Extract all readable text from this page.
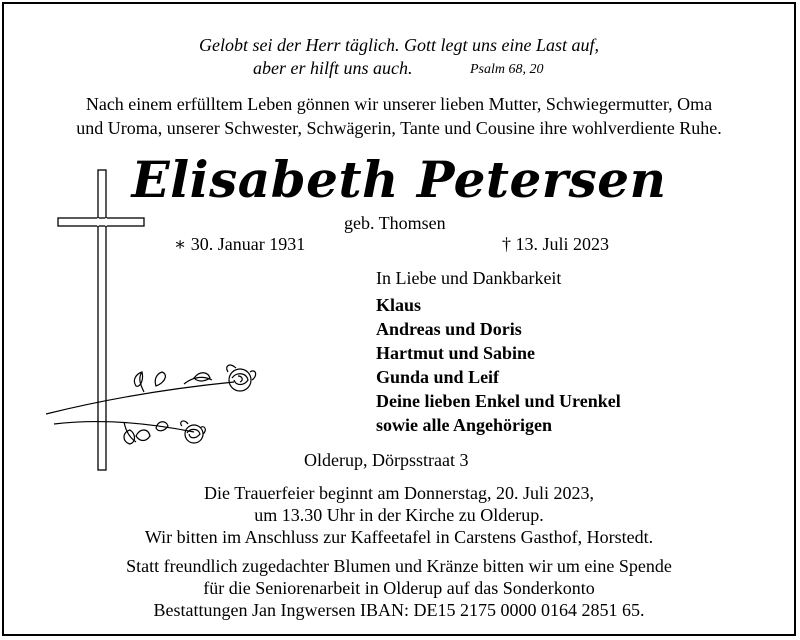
Gelobt sei der Herr täglich. Gott legt uns eine Last auf,
aber er hilft uns auch.	Psalm 68, 20
Nach einem erfülltem Leben gönnen wir unserer lieben Mutter, Schwiegermutter, Oma
und Uroma, unserer Schwester, Schwägerin, Tante und Cousine ihre wohlverdiente Ruhe.
Elisabeth Petersen
geb. Thomsen
∗ 30. Januar 1931	† 13. Juli 2023
In Liebe und Dankbarkeit
Klaus
Andreas und Doris
Hartmut und Sabine
Gunda und Leif
Deine lieben Enkel und Urenkel
sowie alle Angehörigen
Olderup, Dörpsstraat 3
Die Trauerfeier beginnt am Donnerstag, 20. Juli 2023,
um 13.30 Uhr in der Kirche zu Olderup.
Wir bitten im Anschluss zur Kaffeetafel in Carstens Gasthof, Horstedt.
Statt freundlich zugedachter Blumen und Kränze bitten wir um eine Spende
für die Seniorenarbeit in Olderup auf das Sonderkonto
Bestattungen Jan Ingwersen IBAN: DE15 2175 0000 0164 2851 65.
